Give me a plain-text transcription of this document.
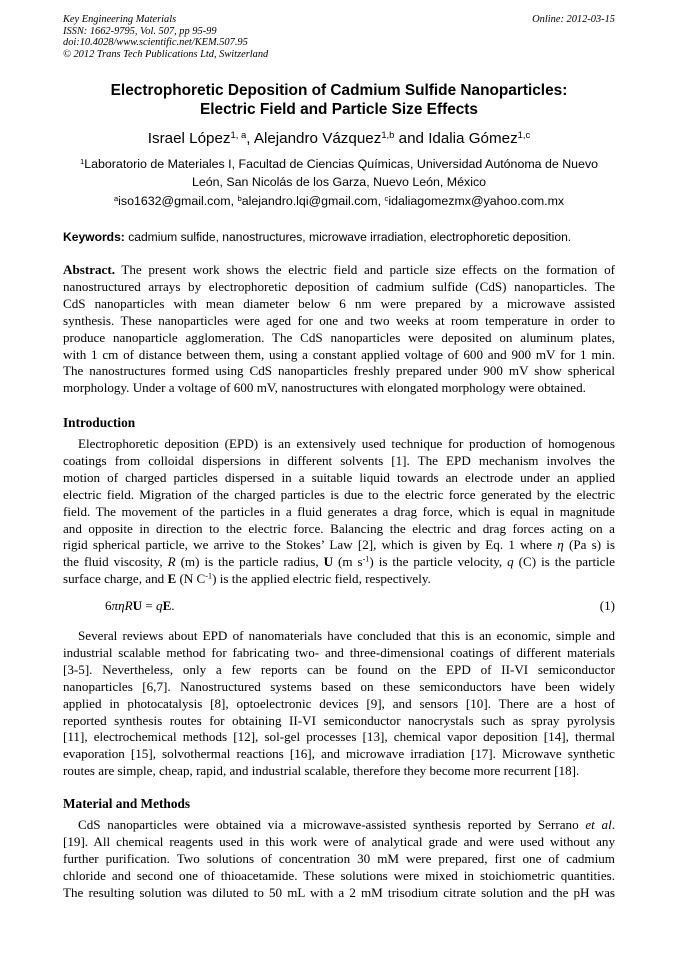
Key Engineering Materials
ISSN: 1662-9795, Vol. 507, pp 95-99
doi:10.4028/www.scientific.net/KEM.507.95
© 2012 Trans Tech Publications Ltd, Switzerland
Online: 2012-03-15
Electrophoretic Deposition of Cadmium Sulfide Nanoparticles:
Electric Field and Particle Size Effects
Israel López$^{1, a}$, Alejandro Vázquez$^{1,b}$ and Idalia Gómez$^{1,c}$
$^1$Laboratorio de Materiales I, Facultad de Ciencias Químicas, Universidad Autónoma de Nuevo
León, San Nicolás de los Garza, Nuevo León, México
$^a$iso1632@gmail.com, $^b$alejandro.lqi@gmail.com, $^c$idaliagomezmx@yahoo.com.mx
Keywords: cadmium sulfide, nanostructures, microwave irradiation, electrophoretic deposition.
Abstract. The present work shows the electric field and particle size effects on the formation of
nanostructured arrays by electrophoretic deposition of cadmium sulfide (CdS) nanoparticles. The
CdS nanoparticles with mean diameter below 6 nm were prepared by a microwave assisted
synthesis. These nanoparticles were aged for one and two weeks at room temperature in order to
produce nanoparticle agglomeration. The CdS nanoparticles were deposited on aluminum plates,
with 1 cm of distance between them, using a constant applied voltage of 600 and 900 mV for 1 min.
The nanostructures formed using CdS nanoparticles freshly prepared under 900 mV show spherical
morphology. Under a voltage of 600 mV, nanostructures with elongated morphology were obtained.
Introduction
Electrophoretic deposition (EPD) is an extensively used technique for production of homogenous
coatings from colloidal dispersions in different solvents [1]. The EPD mechanism involves the
motion of charged particles dispersed in a suitable liquid towards an electrode under an applied
electric field. Migration of the charged particles is due to the electric force generated by the electric
field. The movement of the particles in a fluid generates a drag force, which is equal in magnitude
and opposite in direction to the electric force. Balancing the electric and drag forces acting on a
rigid spherical particle, we arrive to the Stokes’ Law [2], which is given by Eq. 1 where η (Pa s) is
the fluid viscosity, R (m) is the particle radius, U (m $s^{-1}$) is the particle velocity, q (C) is the particle
surface charge, and E (N $C^{-1}$) is the applied electric field, respectively.
6πηRU = qE.	(1)
Several reviews about EPD of nanomaterials have concluded that this is an economic, simple and
industrial scalable method for fabricating two- and three-dimensional coatings of different materials
[3-5]. Nevertheless, only a few reports can be found on the EPD of II-VI semiconductor
nanoparticles [6,7]. Nanostructured systems based on these semiconductors have been widely
applied in photocatalysis [8], optoelectronic devices [9], and sensors [10]. There are a host of
reported synthesis routes for obtaining II-VI semiconductor nanocrystals such as spray pyrolysis
[11], electrochemical methods [12], sol-gel processes [13], chemical vapor deposition [14], thermal
evaporation [15], solvothermal reactions [16], and microwave irradiation [17]. Microwave synthetic
routes are simple, cheap, rapid, and industrial scalable, therefore they become more recurrent [18].
Material and Methods
CdS nanoparticles were obtained via a microwave-assisted synthesis reported by Serrano et al.
[19]. All chemical reagents used in this work were of analytical grade and were used without any
further purification. Two solutions of concentration 30 mM were prepared, first one of cadmium
chloride and second one of thioacetamide. These solutions were mixed in stoichiometric quantities.
The resulting solution was diluted to 50 mL with a 2 mM trisodium citrate solution and the pH was
